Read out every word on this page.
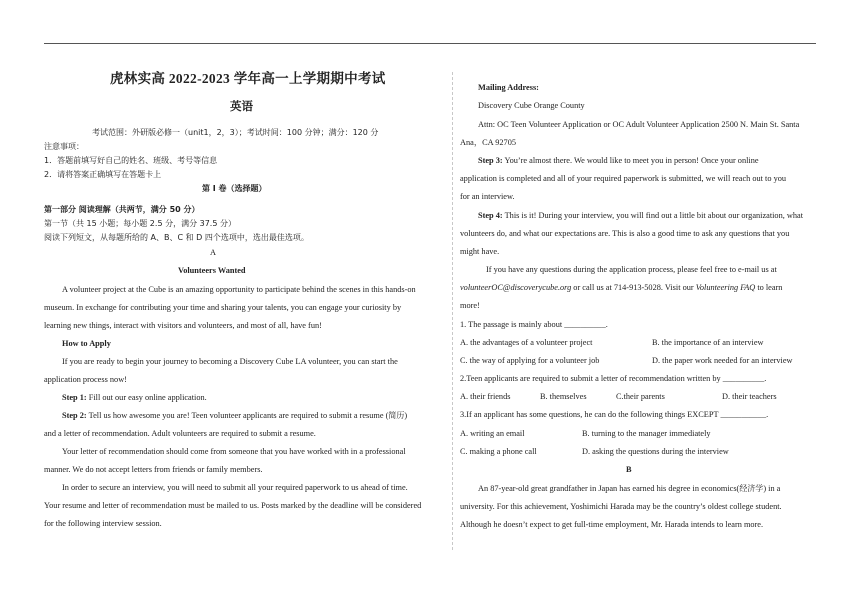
虎林实高 2022-2023 学年高一上学期期中考试
英语
考试范围：外研版必修一（unit1，2，3）；考试时间：100 分钟；满分：120 分
注意事项：
1．答题前填写好自己的姓名、班级、考号等信息
2．请将答案正确填写在答题卡上
第 I 卷（选择题）
第一部分 阅读理解（共两节，满分 50 分）
第一节（共 15 小题；每小题 2.5 分，满分 37.5 分）
阅读下列短文，从每题所给的 A、B、C 和 D 四个选项中，选出最佳选项。
A
Volunteers Wanted
A volunteer project at the Cube is an amazing opportunity to participate behind the scenes in this hands-on
museum. In exchange for contributing your time and sharing your talents, you can engage your curiosity by
learning new things, interact with visitors and volunteers, and most of all, have fun!
How to Apply
If you are ready to begin your journey to becoming a Discovery Cube LA volunteer, you can start the
application process now!
Step 1: Fill out our easy online application.
Step 2: Tell us how awesome you are! Teen volunteer applicants are required to submit a resume (简历)
and a letter of recommendation. Adult volunteers are required to submit a resume.
Your letter of recommendation should come from someone that you have worked with in a professional
manner. We do not accept letters from friends or family members.
In order to secure an interview, you will need to submit all your required paperwork to us ahead of time.
Your resume and letter of recommendation must be mailed to us. Posts marked by the deadline will be considered
for the following interview session.
Mailing Address:
Discovery Cube Orange County
Attn: OC Teen Volunteer Application or OC Adult Volunteer Application 2500 N. Main St. Santa
Ana，CA 92705
Step 3: You’re almost there. We would like to meet you in person! Once your online
application is completed and all of your required paperwork is submitted, we will reach out to you
for an interview.
Step 4: This is it! During your interview, you will find out a little bit about our organization, what
volunteers do, and what our expectations are. This is also a good time to ask any questions that you
might have.
If you have any questions during the application process, please feel free to e-mail us at
volunteerOC@discoverycube.org or call us at 714-913-5028. Visit our Volunteering FAQ to learn
more!
1. The passage is mainly about __________.
A. the advantages of a volunteer project	B. the importance of an interview
C. the way of applying for a volunteer job	D. the paper work needed for an interview
2.Teen applicants are required to submit a letter of recommendation written by __________.
A. their friends	B. themselves	C.their parents	D. their teachers
3.If an applicant has some questions, he can do the following things EXCEPT ___________.
A. writing an email	B. turning to the manager immediately
C. making a phone call	D. asking the questions during the interview
B
An 87-year-old great grandfather in Japan has earned his degree in economics(经济学) in a
university. For this achievement, Yoshimichi Harada may be the country’s oldest college student.
Although he doesn’t expect to get full-time employment, Mr. Harada intends to learn more.
